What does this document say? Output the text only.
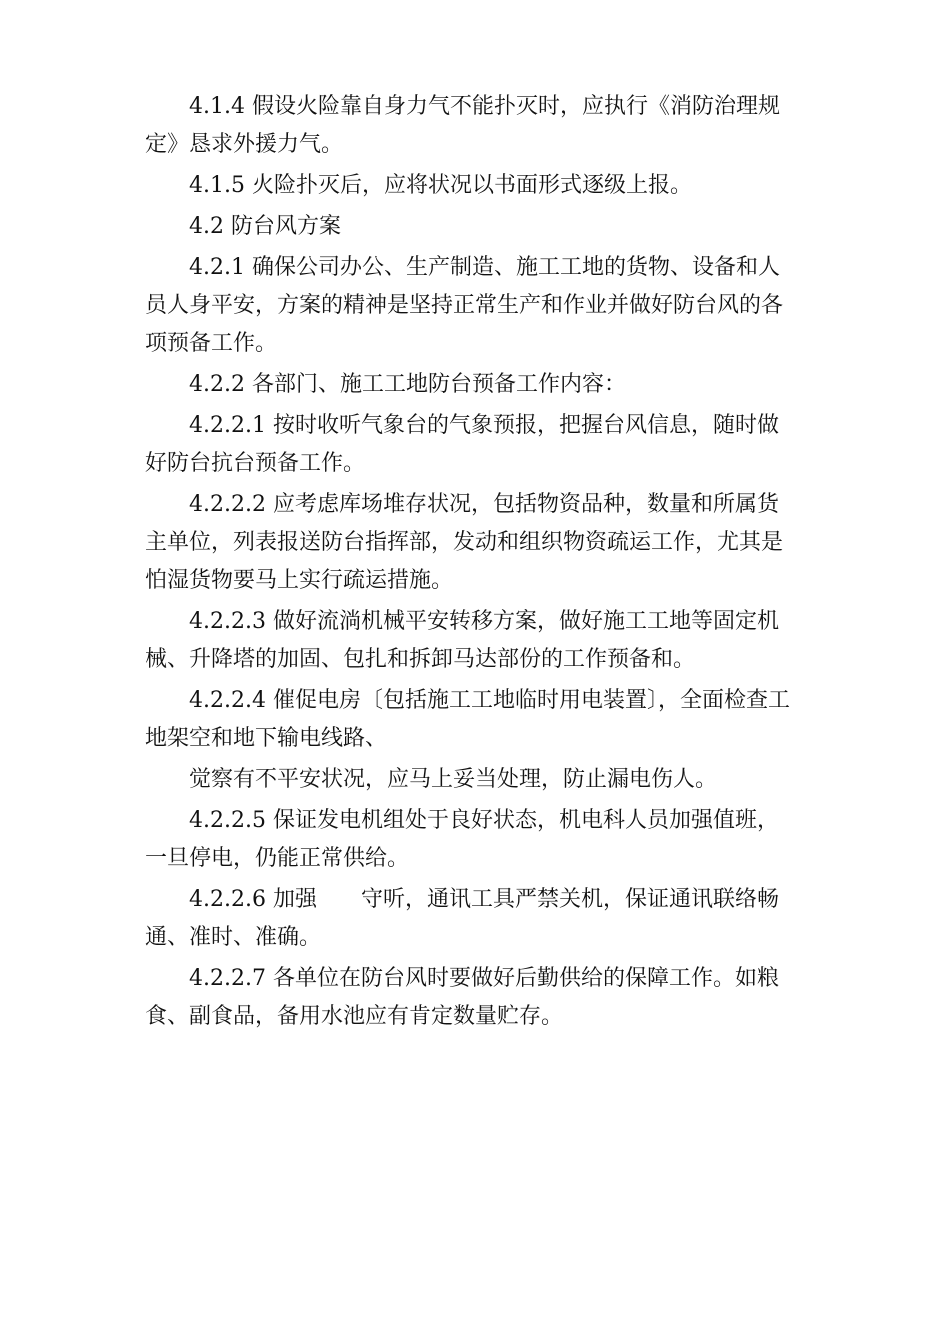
4.1.4 假设火险靠自身力气不能扑灭时，应执行《消防治理规定》恳求外援力气。

4.1.5 火险扑灭后，应将状况以书面形式逐级上报。

4.2 防台风方案

4.2.1 确保公司办公、生产制造、施工工地的货物、设备和人员人身平安，方案的精神是坚持正常生产和作业并做好防台风的各项预备工作。

4.2.2 各部门、施工工地防台预备工作内容：

4.2.2.1 按时收听气象台的气象预报，把握台风信息，随时做好防台抗台预备工作。

4.2.2.2 应考虑库场堆存状况，包括物资品种，数量和所属货主单位，列表报送防台指挥部，发动和组织物资疏运工作，尤其是怕湿货物要马上实行疏运措施。

4.2.2.3 做好流淌机械平安转移方案，做好施工工地等固定机械、升降塔的加固、包扎和拆卸马达部份的工作预备和。

4.2.2.4 催促电房〔包括施工工地临时用电装置〕，全面检查工地架空和地下输电线路、

觉察有不平安状况，应马上妥当处理，防止漏电伤人。

4.2.2.5 保证发电机组处于良好状态，机电科人员加强值班，一旦停电，仍能正常供给。

4.2.2.6 加强　　守听，通讯工具严禁关机，保证通讯联络畅通、准时、准确。

4.2.2.7 各单位在防台风时要做好后勤供给的保障工作。如粮食、副食品，备用水池应有肯定数量贮存。
